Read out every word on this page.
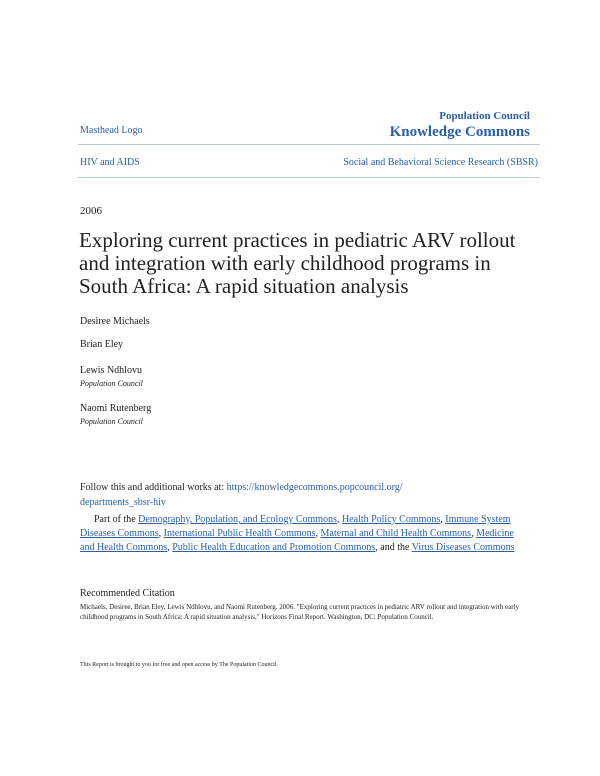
Masthead Logo
Population Council
Knowledge Commons
HIV and AIDS	Social and Behavioral Science Research (SBSR)
2006
Exploring current practices in pediatric ARV rollout and integration with early childhood programs in South Africa: A rapid situation analysis
Desiree Michaels
Brian Eley
Lewis Ndhlovu
Population Council
Naomi Rutenberg
Population Council
Follow this and additional works at: https://knowledgecommons.popcouncil.org/
departments_sbsr-hiv
Part of the Demography, Population, and Ecology Commons, Health Policy Commons, Immune System Diseases Commons, International Public Health Commons, Maternal and Child Health Commons, Medicine and Health Commons, Public Health Education and Promotion Commons, and the Virus Diseases Commons
Recommended Citation
Michaels, Desiree, Brian Eley, Lewis Ndhlovu, and Naomi Rutenberg. 2006. "Exploring current practices in pediatric ARV rollout and integration with early childhood programs in South Africa: A rapid situation analysis," Horizons Final Report. Washington, DC: Population Council.
This Report is brought to you for free and open access by The Population Council.
